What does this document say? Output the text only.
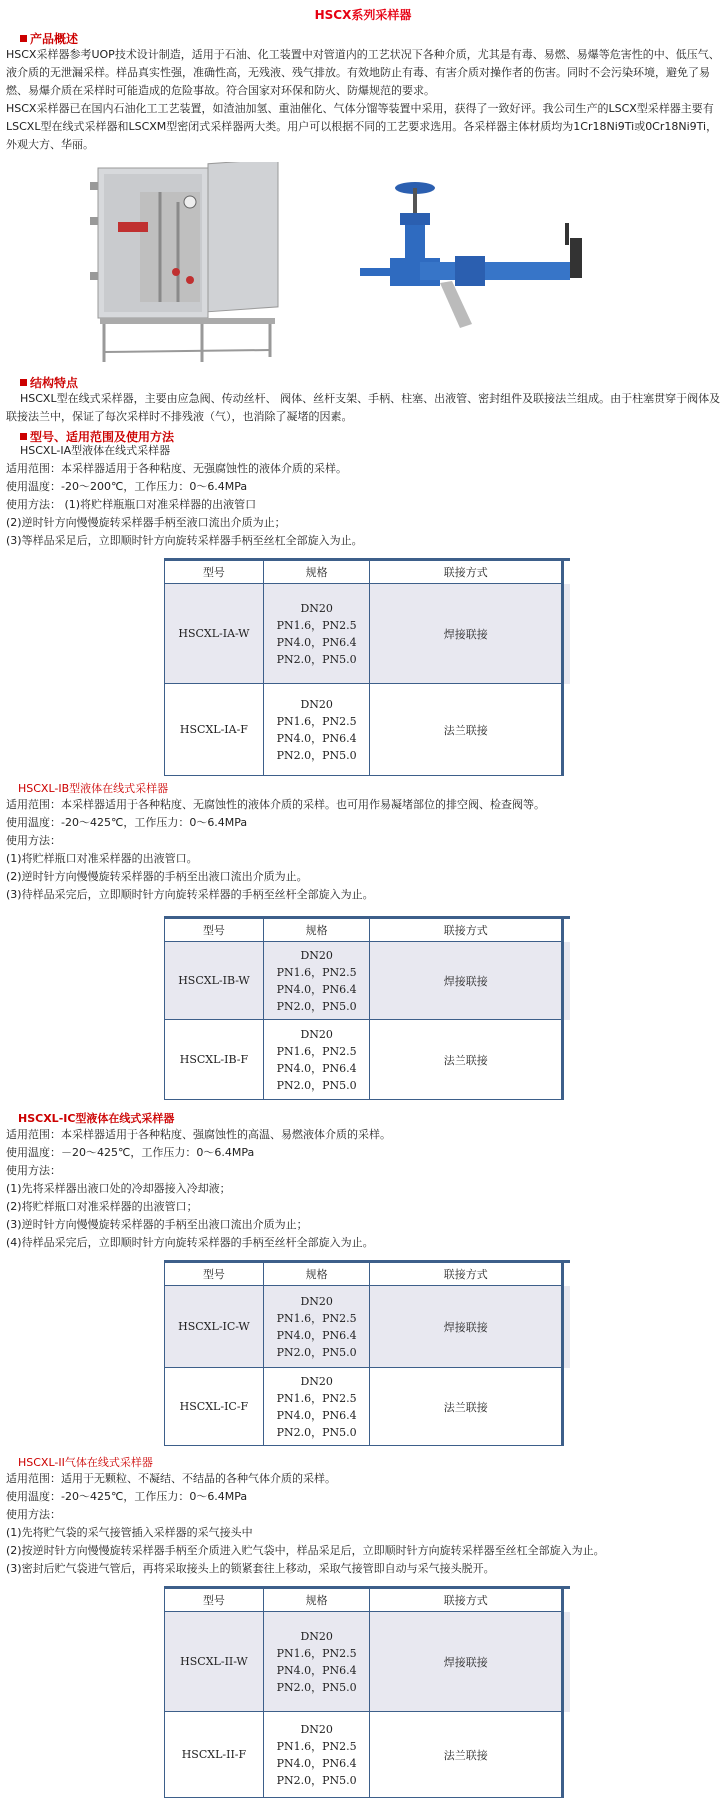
HSCX系列采样器
产品概述
HSCX采样器参考UOP技术设计制造，适用于石油、化工装置中对管道内的工艺状况下各种介质，尤其是有毒、易燃、易爆等危害性的中、低压气、液介质的无泄漏采样。样品真实性强，准确性高，无残液、残气排放。有效地防止有毒、有害介质对操作者的伤害。同时不会污染环境，避免了易燃、易爆介质在采样时可能造成的危险事故。符合国家对环保和防火、防爆规范的要求。
HSCX采样器已在国内石油化工工艺装置，如渣油加氢、重油催化、气体分馏等装置中采用，获得了一致好评。我公司生产的LSCX型采样器主要有LSCXL型在线式采样器和LSCXM型密闭式采样器两大类。用户可以根据不同的工艺要求选用。各采样器主体材质均为1Cr18Ni9Ti或0Cr18Ni9Ti，外观大方、华丽。
结构特点
HSCXL型在线式采样器，主要由应急阀、传动丝杆、 阀体、丝杆支架、手柄、柱塞、出液管、密封组件及联接法兰组成。由于柱塞贯穿于阀体及联接法兰中，保证了每次采样时不排残液（气），也消除了凝堵的因素。
型号、适用范围及使用方法
HSCXL-IA型液体在线式采样器
适用范围：本采样器适用于各种粘度、无强腐蚀性的液体介质的采样。
使用温度：-20～200℃，工作压力：0～6.4MPa
使用方法： (1)将贮样瓶瓶口对准采样器的出液管口
(2)逆时针方向慢慢旋转采样器手柄至液口流出介质为止；
(3)等样品采足后，立即顺时针方向旋转采样器手柄至丝杠全部旋入为止。
型号	规格	联接方式	
HSCXL-IA-W	DN20
PN1.6，PN2.5
PN4.0，PN6.4
PN2.0，PN5.0	焊接联接	
HSCXL-IA-F	DN20
PN1.6，PN2.5
PN4.0，PN6.4
PN2.0，PN5.0	法兰联接	
HSCXL-IB型液体在线式采样器
适用范围：本采样器适用于各种粘度、无腐蚀性的液体介质的采样。也可用作易凝堵部位的排空阀、检查阀等。
使用温度：-20～425℃，工作压力：0～6.4MPa
使用方法：
(1)将贮样瓶口对准采样器的出液管口。
(2)逆时针方向慢慢旋转采样器的手柄至出液口流出介质为止。
(3)待样品采完后，立即顺时针方向旋转采样器的手柄至丝杆全部旋入为止。
型号	规格	联接方式	
HSCXL-IB-W	DN20
PN1.6，PN2.5
PN4.0，PN6.4
PN2.0，PN5.0	焊接联接	
HSCXL-IB-F	DN20
PN1.6，PN2.5
PN4.0，PN6.4
PN2.0，PN5.0	法兰联接	
HSCXL-IC型液体在线式采样器
适用范围：本采样器适用于各种粘度、强腐蚀性的高温、易燃液体介质的采样。
使用温度：－20～425℃，工作压力：0～6.4MPa
使用方法：
(1)先将采样器出液口处的冷却器接入冷却液；
(2)将贮样瓶口对准采样器的出液管口；
(3)逆时针方向慢慢旋转采样器的手柄至出液口流出介质为止；
(4)待样品采完后，立即顺时针方向旋转采样器的手柄至丝杆全部旋入为止。
型号	规格	联接方式	
HSCXL-IC-W	DN20
PN1.6，PN2.5
PN4.0，PN6.4
PN2.0，PN5.0	焊接联接	
HSCXL-IC-F	DN20
PN1.6，PN2.5
PN4.0，PN6.4
PN2.0，PN5.0	法兰联接	
HSCXL-II气体在线式采样器
适用范围：适用于无颗粒、不凝结、不结晶的各种气体介质的采样。
使用温度：-20～425℃，工作压力：0～6.4MPa
使用方法：
(1)先将贮气袋的采气接管插入采样器的采气接头中
(2)按逆时针方向慢慢旋转采样器手柄至介质进入贮气袋中，样品采足后，立即顺时针方向旋转采样器至丝杠全部旋入为止。
(3)密封后贮气袋进气管后，再将采取接头上的锁紧套往上移动，采取气接管即自动与采气接头脱开。
型号	规格	联接方式	
HSCXL-II-W	DN20
PN1.6，PN2.5
PN4.0，PN6.4
PN2.0，PN5.0	焊接联接	
HSCXL-II-F	DN20
PN1.6，PN2.5
PN4.0，PN6.4
PN2.0，PN5.0	法兰联接	
